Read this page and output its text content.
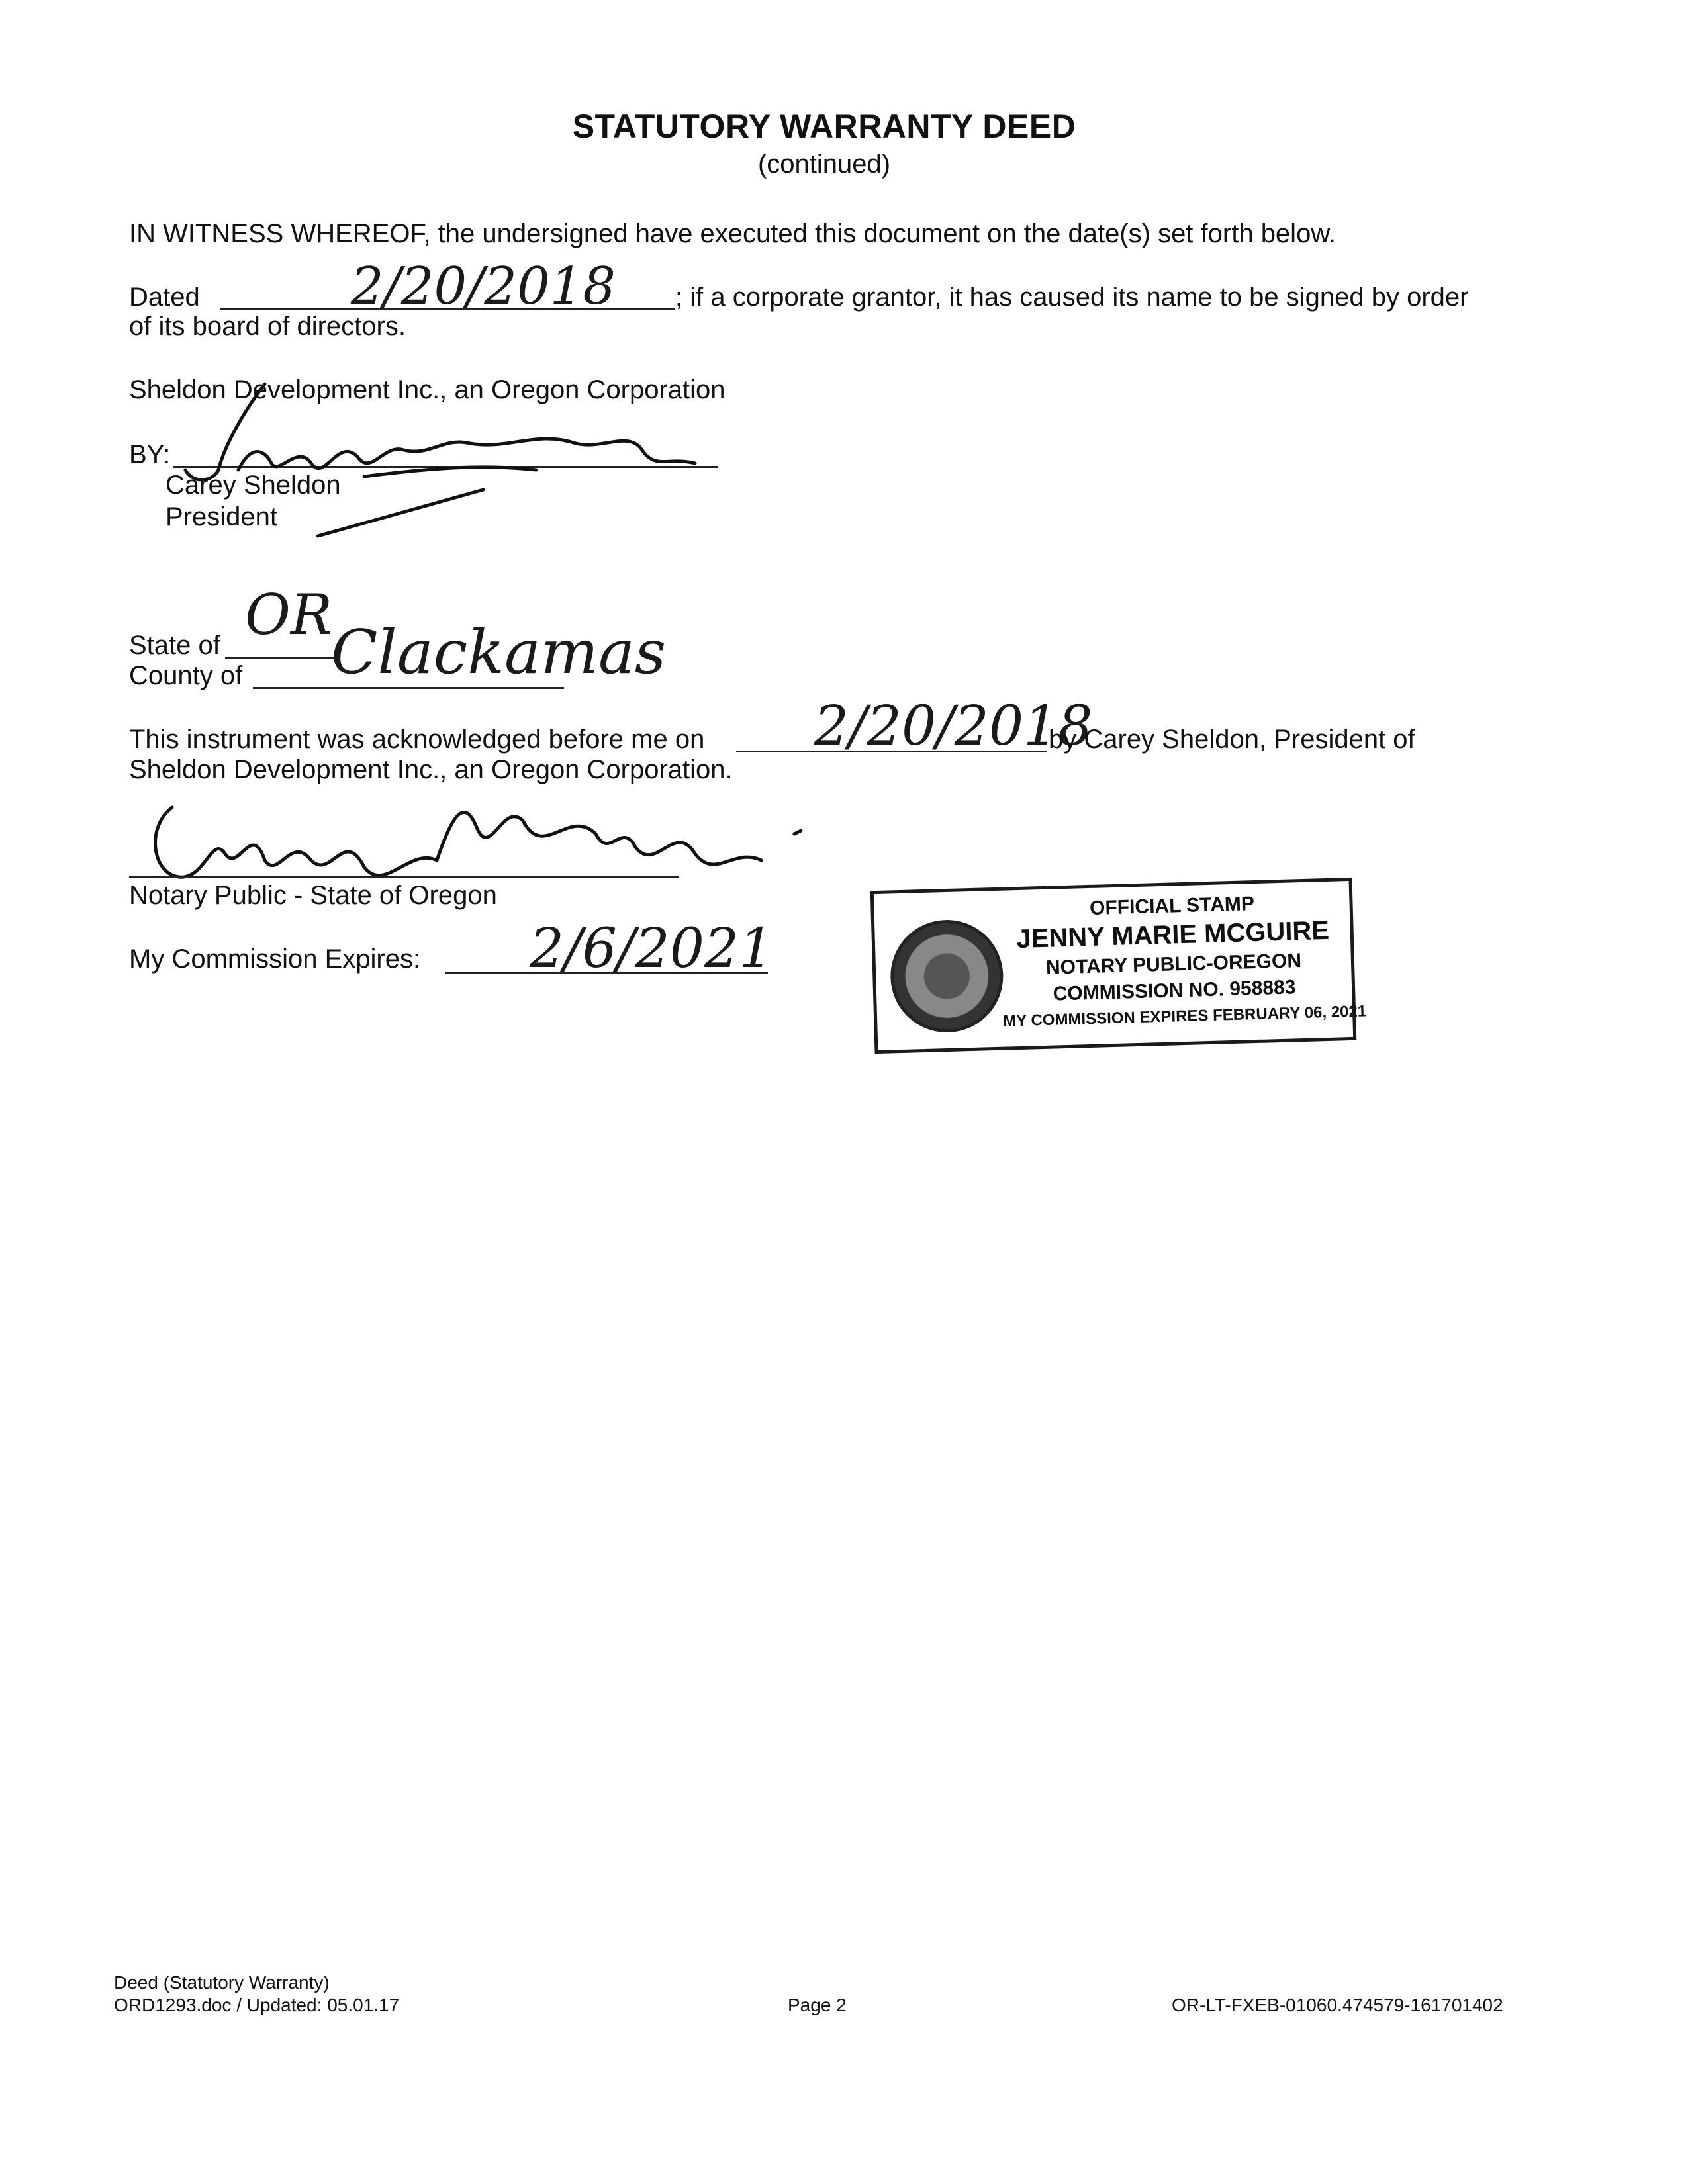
STATUTORY WARRANTY DEED
(continued)
IN WITNESS WHEREOF, the undersigned have executed this document on the date(s) set forth below.
Dated	2/20/2018 ; if a corporate grantor, it has caused its name to be signed by order
of its board of directors.
Sheldon Development Inc., an Oregon Corporation
BY:
Carey Sheldon
President
State of OR
County of Clackamas
This instrument was acknowledged before me on 2/20/2018
by Carey Sheldon, President of
Sheldon Development Inc., an Oregon Corporation.
Notary Public - State of Oregon
My Commission Expires: 2/6/2021
OFFICIAL STAMP
JENNY MARIE MCGUIRE
NOTARY PUBLIC-OREGON
COMMISSION NO. 958883
MY COMMISSION EXPIRES FEBRUARY 06, 2021
Deed (Statutory Warranty)
ORD1293.doc / Updated: 05.01.17	Page 2	OR-LT-FXEB-01060.474579-161701402
